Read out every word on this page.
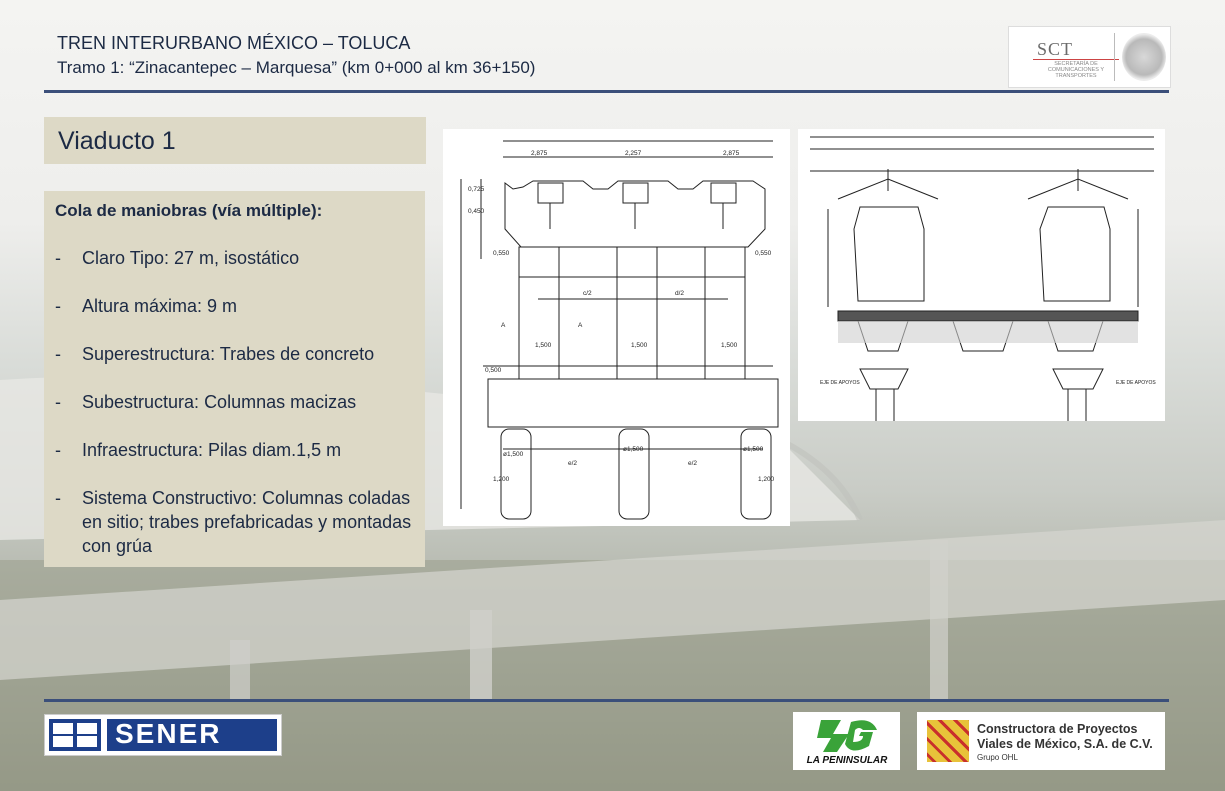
TREN INTERURBANO MÉXICO – TOLUCA
Tramo 1: “Zinacantepec – Marquesa” (km 0+000 al km 36+150)
SCT
SECRETARÍA DE COMUNICACIONES Y TRANSPORTES
Viaducto 1
Cola de maniobras (vía múltiple):
- Claro Tipo: 27 m, isostático
- Altura máxima: 9 m
- Superestructura: Trabes de concreto
- Subestructura: Columnas macizas
- Infraestructura: Pilas diam.1,5 m
- Sistema Constructivo: Columnas coladas en sitio; trabes prefabricadas y montadas con grúa
2,875	2,257	2,875
0,725
0,450
0,550	0,550
c/2	d/2
1,500	1,500	1,500
0,500
ø1,500
ø1,500	ø1,500
1,200	1,200
e/2	e/2
A	A
EJE DE APOYOS	EJE DE APOYOS
SENER
LA PENINSULAR
Constructora de Proyectos
Viales de México, S.A. de C.V.
Grupo OHL
